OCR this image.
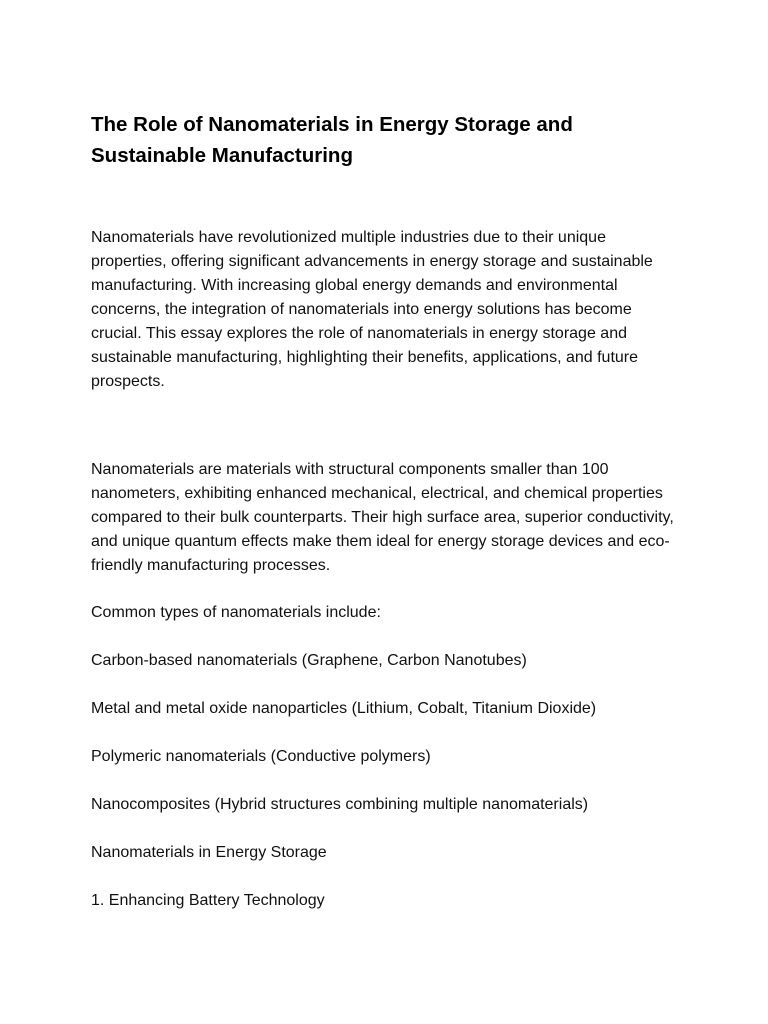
The Role of Nanomaterials in Energy Storage and Sustainable Manufacturing

Nanomaterials have revolutionized multiple industries due to their unique properties, offering significant advancements in energy storage and sustainable manufacturing. With increasing global energy demands and environmental concerns, the integration of nanomaterials into energy solutions has become crucial. This essay explores the role of nanomaterials in energy storage and sustainable manufacturing, highlighting their benefits, applications, and future prospects.

Nanomaterials are materials with structural components smaller than 100 nanometers, exhibiting enhanced mechanical, electrical, and chemical properties compared to their bulk counterparts. Their high surface area, superior conductivity, and unique quantum effects make them ideal for energy storage devices and eco-friendly manufacturing processes.

Common types of nanomaterials include:

Carbon-based nanomaterials (Graphene, Carbon Nanotubes)

Metal and metal oxide nanoparticles (Lithium, Cobalt, Titanium Dioxide)

Polymeric nanomaterials (Conductive polymers)

Nanocomposites (Hybrid structures combining multiple nanomaterials)

Nanomaterials in Energy Storage

1. Enhancing Battery Technology
